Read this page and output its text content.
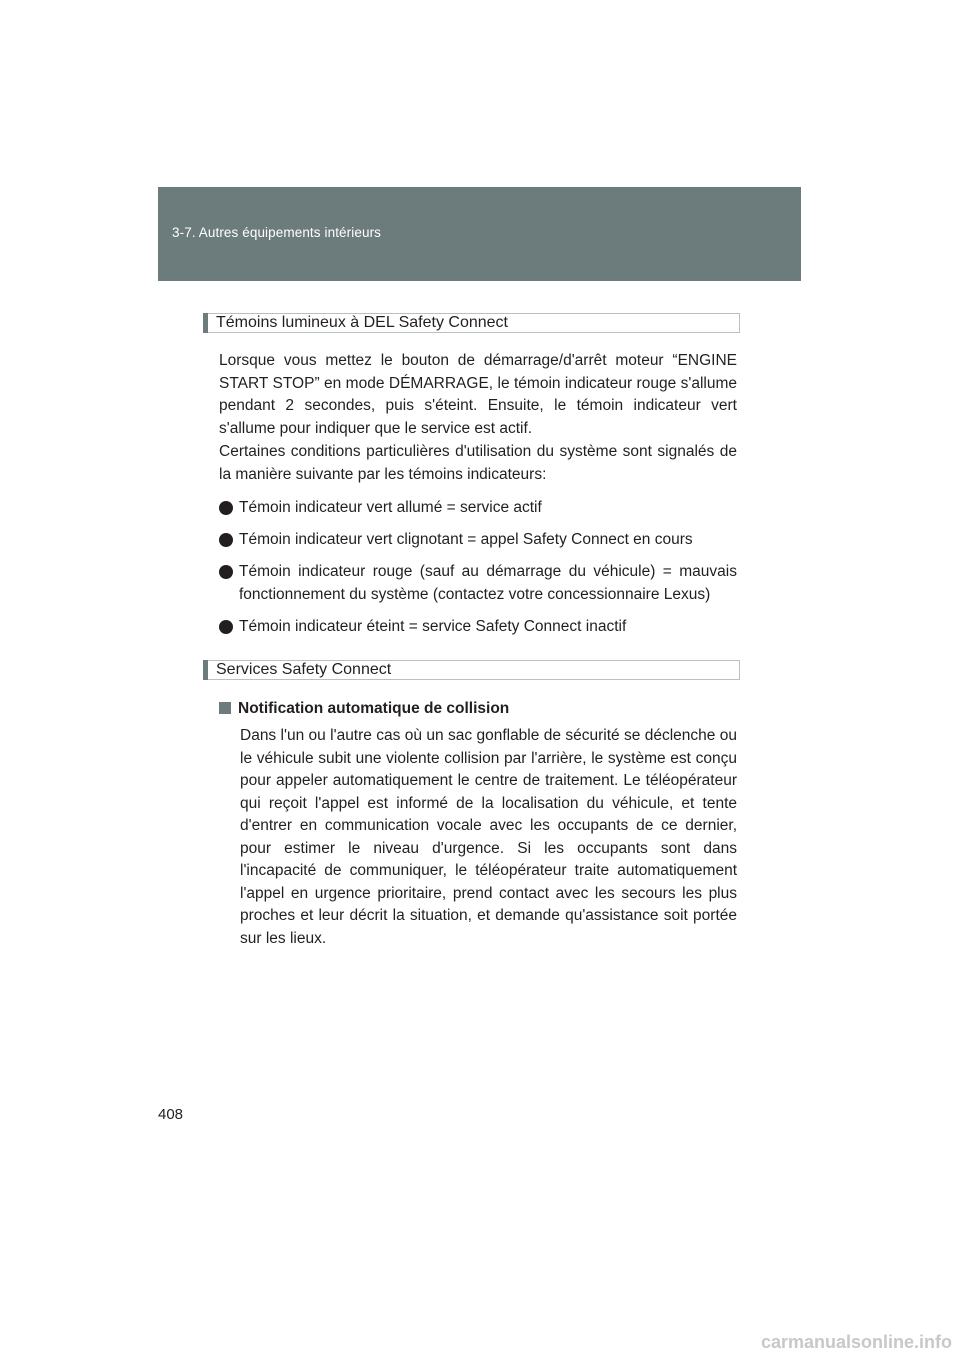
3-7. Autres équipements intérieurs
Témoins lumineux à DEL Safety Connect

Lorsque vous mettez le bouton de démarrage/d'arrêt moteur “ENGINE START STOP” en mode DÉMARRAGE, le témoin indicateur rouge s'allume pendant 2 secondes, puis s'éteint. Ensuite, le témoin indicateur vert s'allume pour indiquer que le service est actif.

Certaines conditions particulières d'utilisation du système sont signalés de la manière suivante par les témoins indicateurs:

Témoin indicateur vert allumé = service actif
Témoin indicateur vert clignotant = appel Safety Connect en cours
Témoin indicateur rouge (sauf au démarrage du véhicule) = mauvais fonctionnement du système (contactez votre concessionnaire Lexus)
Témoin indicateur éteint = service Safety Connect inactif
Services Safety Connect
Notification automatique de collision

Dans l'un ou l'autre cas où un sac gonflable de sécurité se déclenche ou le véhicule subit une violente collision par l'arrière, le système est conçu pour appeler automatiquement le centre de traitement. Le téléopérateur qui reçoit l'appel est informé de la localisation du véhicule, et tente d'entrer en communication vocale avec les occupants de ce dernier, pour estimer le niveau d'urgence. Si les occupants sont dans l'incapacité de communiquer, le téléopérateur traite automatiquement l'appel en urgence prioritaire, prend contact avec les secours les plus proches et leur décrit la situation, et demande qu'assistance soit portée sur les lieux.

408
carmanualsonline.info
